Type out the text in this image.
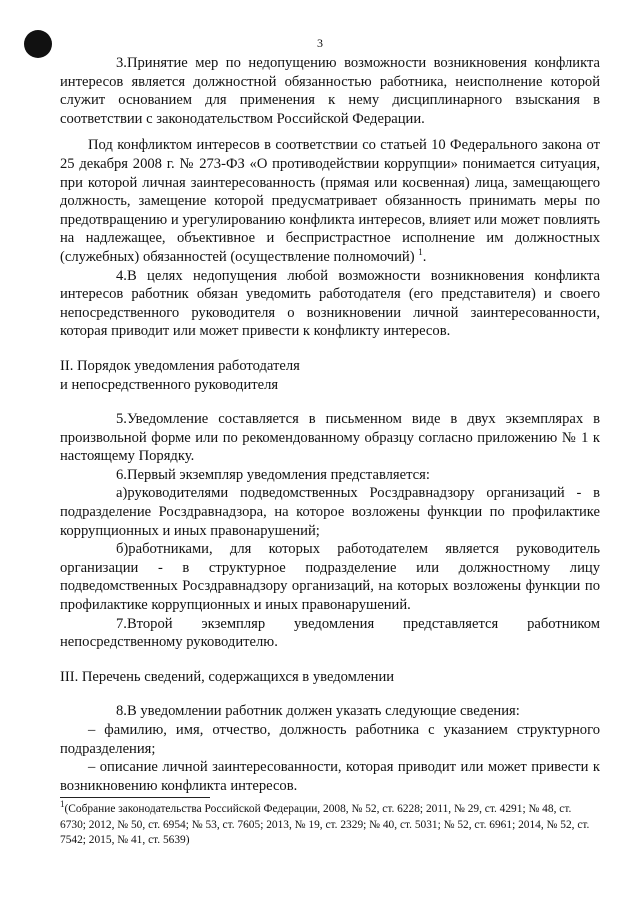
3

3.Принятие мер по недопущению возможности возникновения конфликта интересов является должностной обязанностью работника, неисполнение которой служит основанием для применения к нему дисциплинарного взыскания в соответствии с законодательством Российской Федерации.

Под конфликтом интересов в соответствии со статьей 10 Федерального закона от 25 декабря 2008 г. № 273-ФЗ «О противодействии коррупции» понимается ситуация, при которой личная заинтересованность (прямая или косвенная) лица, замещающего должность, замещение которой предусматривает обязанность принимать меры по предотвращению и урегулированию конфликта интересов, влияет или может повлиять на надлежащее, объективное и беспристрастное исполнение им должностных (служебных) обязанностей (осуществление полномочий) $^1$.

4.В целях недопущения любой возможности возникновения конфликта интересов работник обязан уведомить работодателя (его представителя) и своего непосредственного руководителя о возникновении личной заинтересованности, которая приводит или может привести к конфликту интересов.

II. Порядок уведомления работодателя

и непосредственного руководителя

5.Уведомление составляется в письменном виде в двух экземплярах в произвольной форме или по рекомендованному образцу согласно приложению № 1 к настоящему Порядку.

6.Первый экземпляр уведомления представляется:

а)руководителями подведомственных Росздравнадзору организаций - в подразделение Росздравнадзора, на которое возложены функции по профилактике коррупционных и иных правонарушений;

б)работниками, для которых работодателем является руководитель организации - в структурное подразделение или должностному лицу подведомственных Росздравнадзору организаций, на которых возложены функции по профилактике коррупционных и иных правонарушений.

7.Второй экземпляр уведомления представляется работником непосредственному руководителю.

III. Перечень сведений, содержащихся в уведомлении

8.В уведомлении работник должен указать следующие сведения:

– фамилию, имя, отчество, должность работника с указанием структурного подразделения;

– описание личной заинтересованности, которая приводит или может привести к возникновению конфликта интересов.

$^1$(Собрание законодательства Российской Федерации, 2008, № 52, ст. 6228; 2011, № 29, ст. 4291; № 48, ст. 6730; 2012, № 50, ст. 6954; № 53, ст. 7605; 2013, № 19, ст. 2329; № 40, ст. 5031; № 52, ст. 6961; 2014, № 52, ст. 7542; 2015, № 41, ст. 5639)
